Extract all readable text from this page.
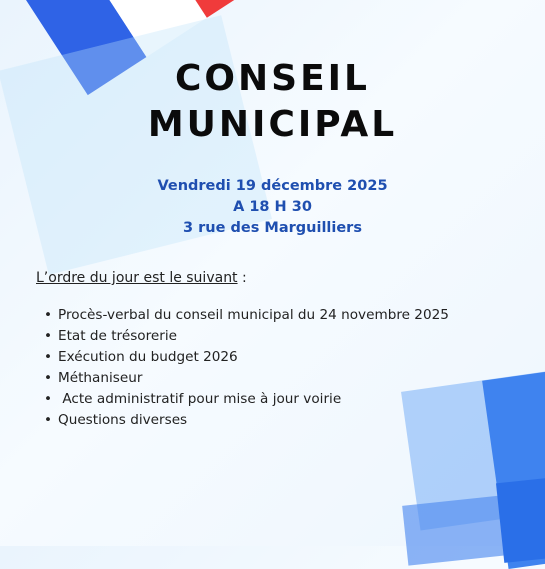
CONSEIL
MUNICIPAL
Vendredi 19 décembre 2025
A 18 H 30
3 rue des Marguilliers
L’ordre du jour est le suivant :
• Procès-verbal du conseil municipal du 24 novembre 2025
• Etat de trésorerie
• Exécution du budget 2026
• Méthaniseur
• Acte administratif pour mise à jour voirie
• Questions diverses
